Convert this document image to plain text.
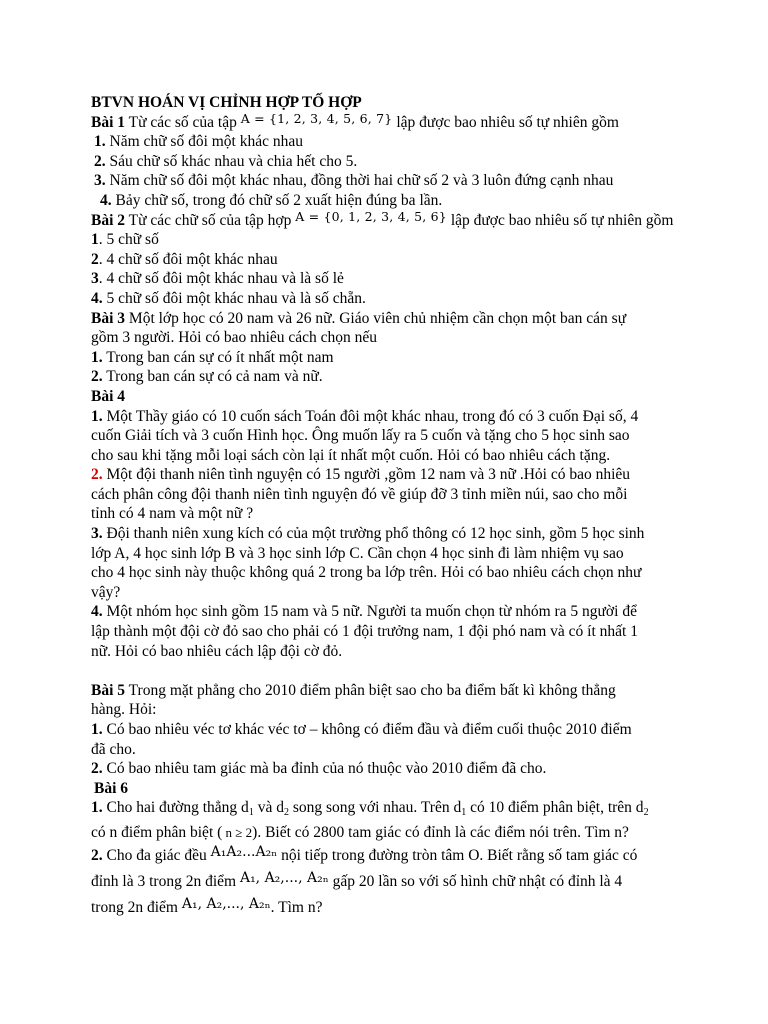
BTVN HOÁN VỊ CHỈNH HỢP TỐ HỢP
Bài 1 Từ các số của tập $^{A = \{1, 2, 3, 4, 5, 6, 7\}}$ lập được bao nhiêu số tự nhiên gồm
1. Năm chữ số đôi một khác nhau
2. Sáu chữ số khác nhau và chia hết cho 5.
3. Năm chữ số đôi một khác nhau, đồng thời hai chữ số 2 và 3 luôn đứng cạnh nhau
4. Bảy chữ số, trong đó chữ số 2 xuất hiện đúng ba lần.
Bài 2 Từ các chữ số của tập hợp $^{A = \{0, 1, 2, 3, 4, 5, 6\}}$ lập được bao nhiêu số tự nhiên gồm
1. 5 chữ số
2. 4 chữ số đôi một khác nhau
3. 4 chữ số đôi một khác nhau và là số lẻ
4. 5 chữ số đôi một khác nhau và là số chẵn.
Bài 3 Một lớp học có 20 nam và 26 nữ. Giáo viên chủ nhiệm cần chọn một ban cán sự
gồm 3 người. Hỏi có bao nhiêu cách chọn nếu
1. Trong ban cán sự có ít nhất một nam
2. Trong ban cán sự có cả nam và nữ.
Bài 4
1. Một Thầy giáo có 10 cuốn sách Toán đôi một khác nhau, trong đó có 3 cuốn Đại số, 4
cuốn Giải tích và 3 cuốn Hình học. Ông muốn lấy ra 5 cuốn và tặng cho 5 học sinh sao
cho sau khi tặng mỗi loại sách còn lại ít nhất một cuốn. Hỏi có bao nhiêu cách tặng.
2. Một đội thanh niên tình nguyện có 15 người ,gồm 12 nam và 3 nữ .Hỏi có bao nhiêu
cách phân công đội thanh niên tình nguyện đó về giúp đỡ 3 tỉnh miền núi, sao cho mỗi
tỉnh có 4 nam và một nữ ?
3. Đội thanh niên xung kích có của một trường phổ thông có 12 học sinh, gồm 5 học sinh
lớp A, 4 học sinh lớp B và 3 học sinh lớp C. Cần chọn 4 học sinh đi làm nhiệm vụ sao
cho 4 học sinh này thuộc không quá 2 trong ba lớp trên. Hỏi có bao nhiêu cách chọn như
vậy?
4. Một nhóm học sinh gồm 15 nam và 5 nữ. Người ta muốn chọn từ nhóm ra 5 người để
lập thành một đội cờ đỏ sao cho phải có 1 đội trưởng nam, 1 đội phó nam và có ít nhất 1
nữ. Hỏi có bao nhiêu cách lập đội cờ đỏ.
Bài 5 Trong mặt phẳng cho 2010 điểm phân biệt sao cho ba điểm bất kì không thẳng
hàng. Hỏi:
1. Có bao nhiêu véc tơ khác véc tơ – không có điểm đầu và điểm cuối thuộc 2010 điểm
đã cho.
2. Có bao nhiêu tam giác mà ba đỉnh của nó thuộc vào 2010 điểm đã cho.
Bài 6
1. Cho hai đường thẳng $d_1$ và $d_2$ song song với nhau. Trên $d_1$ có 10 điểm phân biệt, trên $d_2$
có n điểm phân biệt ( n ≥ 2). Biết có 2800 tam giác có đỉnh là các điểm nói trên. Tìm n?
2. Cho đa giác đều A₁A₂...A₂ₙ nội tiếp trong đường tròn tâm O. Biết rằng số tam giác có
đỉnh là 3 trong 2n điểm A₁, A₂,..., A₂ₙ gấp 20 lần so với số hình chữ nhật có đỉnh là 4
trong 2n điểm A₁, A₂,..., A₂ₙ. Tìm n?
